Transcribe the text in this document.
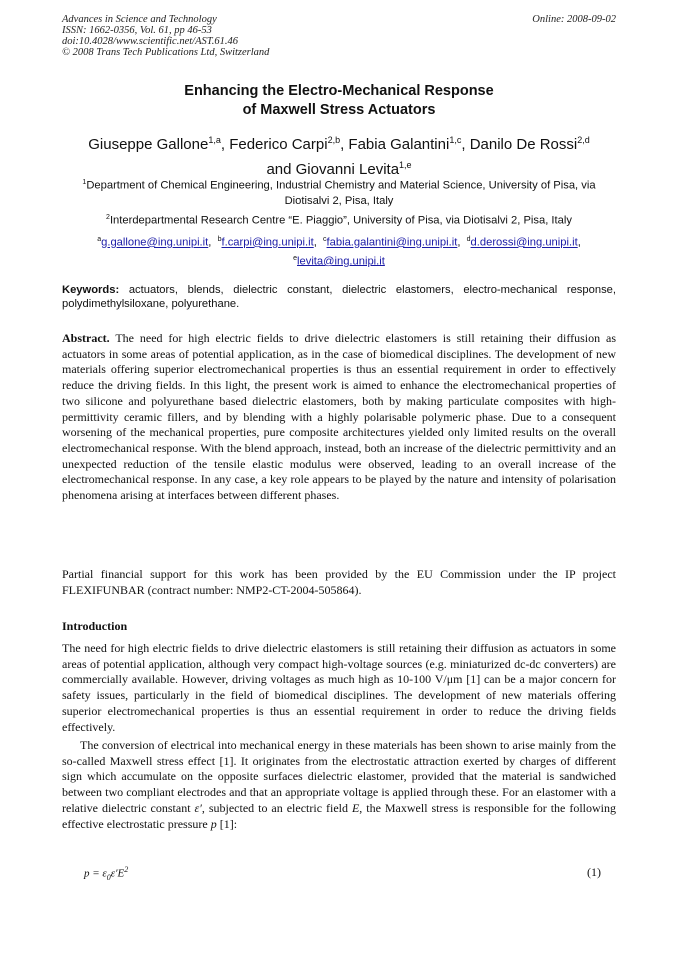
Advances in Science and Technology
ISSN: 1662-0356, Vol. 61, pp 46-53
doi:10.4028/www.scientific.net/AST.61.46
© 2008 Trans Tech Publications Ltd, Switzerland
Online: 2008-09-02
Enhancing the Electro-Mechanical Response
of Maxwell Stress Actuators
Giuseppe Gallone$^{1,a}$, Federico Carpi$^{2,b}$, Fabia Galantini$^{1,c}$, Danilo De Rossi$^{2,d}$
and Giovanni Levita$^{1,e}$
$^1$Department of Chemical Engineering, Industrial Chemistry and Material Science, University of Pisa, via Diotisalvi 2, Pisa, Italy
$^2$Interdepartmental Research Centre “E. Piaggio”, University of Pisa, via Diotisalvi 2, Pisa, Italy
$^a$g.gallone@ing.unipi.it,  $^b$f.carpi@ing.unipi.it,  $^c$fabia.galantini@ing.unipi.it,  $^d$d.derossi@ing.unipi.it,
$^e$levita@ing.unipi.it

Keywords: actuators, blends, dielectric constant, dielectric elastomers, electro-mechanical response, polydimethylsiloxane, polyurethane.

Abstract. The need for high electric fields to drive dielectric elastomers is still retaining their diffusion as actuators in some areas of potential application, as in the case of biomedical disciplines. The development of new materials offering superior electromechanical properties is thus an essential requirement in order to effectively reduce the driving fields. In this light, the present work is aimed to enhance the electromechanical properties of two silicone and polyurethane based dielectric elastomers, both by making particulate composites with high-permittivity ceramic fillers, and by blending with a highly polarisable polymeric phase. Due to a consequent worsening of the mechanical properties, pure composite architectures yielded only limited results on the overall electromechanical response. With the blend approach, instead, both an increase of the dielectric permittivity and an unexpected reduction of the tensile elastic modulus were observed, leading to an overall increase of the electromechanical response. In any case, a key role appears to be played by the nature and intensity of polarisation phenomena arising at interfaces between different phases.

Partial financial support for this work has been provided by the EU Commission under the IP project FLEXIFUNBAR (contract number: NMP2-CT-2004-505864).

Introduction

The need for high electric fields to drive dielectric elastomers is still retaining their diffusion as actuators in some areas of potential application, although very compact high-voltage sources (e.g. miniaturized dc-dc converters) are commercially available. However, driving voltages as much high as 10-100 V/μm [1] can be a major concern for safety issues, particularly in the field of biomedical disciplines. The development of new materials offering superior electromechanical properties is thus an essential requirement in order to reduce the driving fields effectively.

The conversion of electrical into mechanical energy in these materials has been shown to arise mainly from the so-called Maxwell stress effect [1]. It originates from the electrostatic attraction exerted by charges of different sign which accumulate on the opposite surfaces dielectric elastomer, provided that the material is sandwiched between two compliant electrodes and that an appropriate voltage is applied through these. For an elastomer with a relative dielectric constant ε′, subjected to an electric field E, the Maxwell stress is responsible for the following effective electrostatic pressure p [1]:

$p = \varepsilon_0\varepsilon'E^2$	(1)
